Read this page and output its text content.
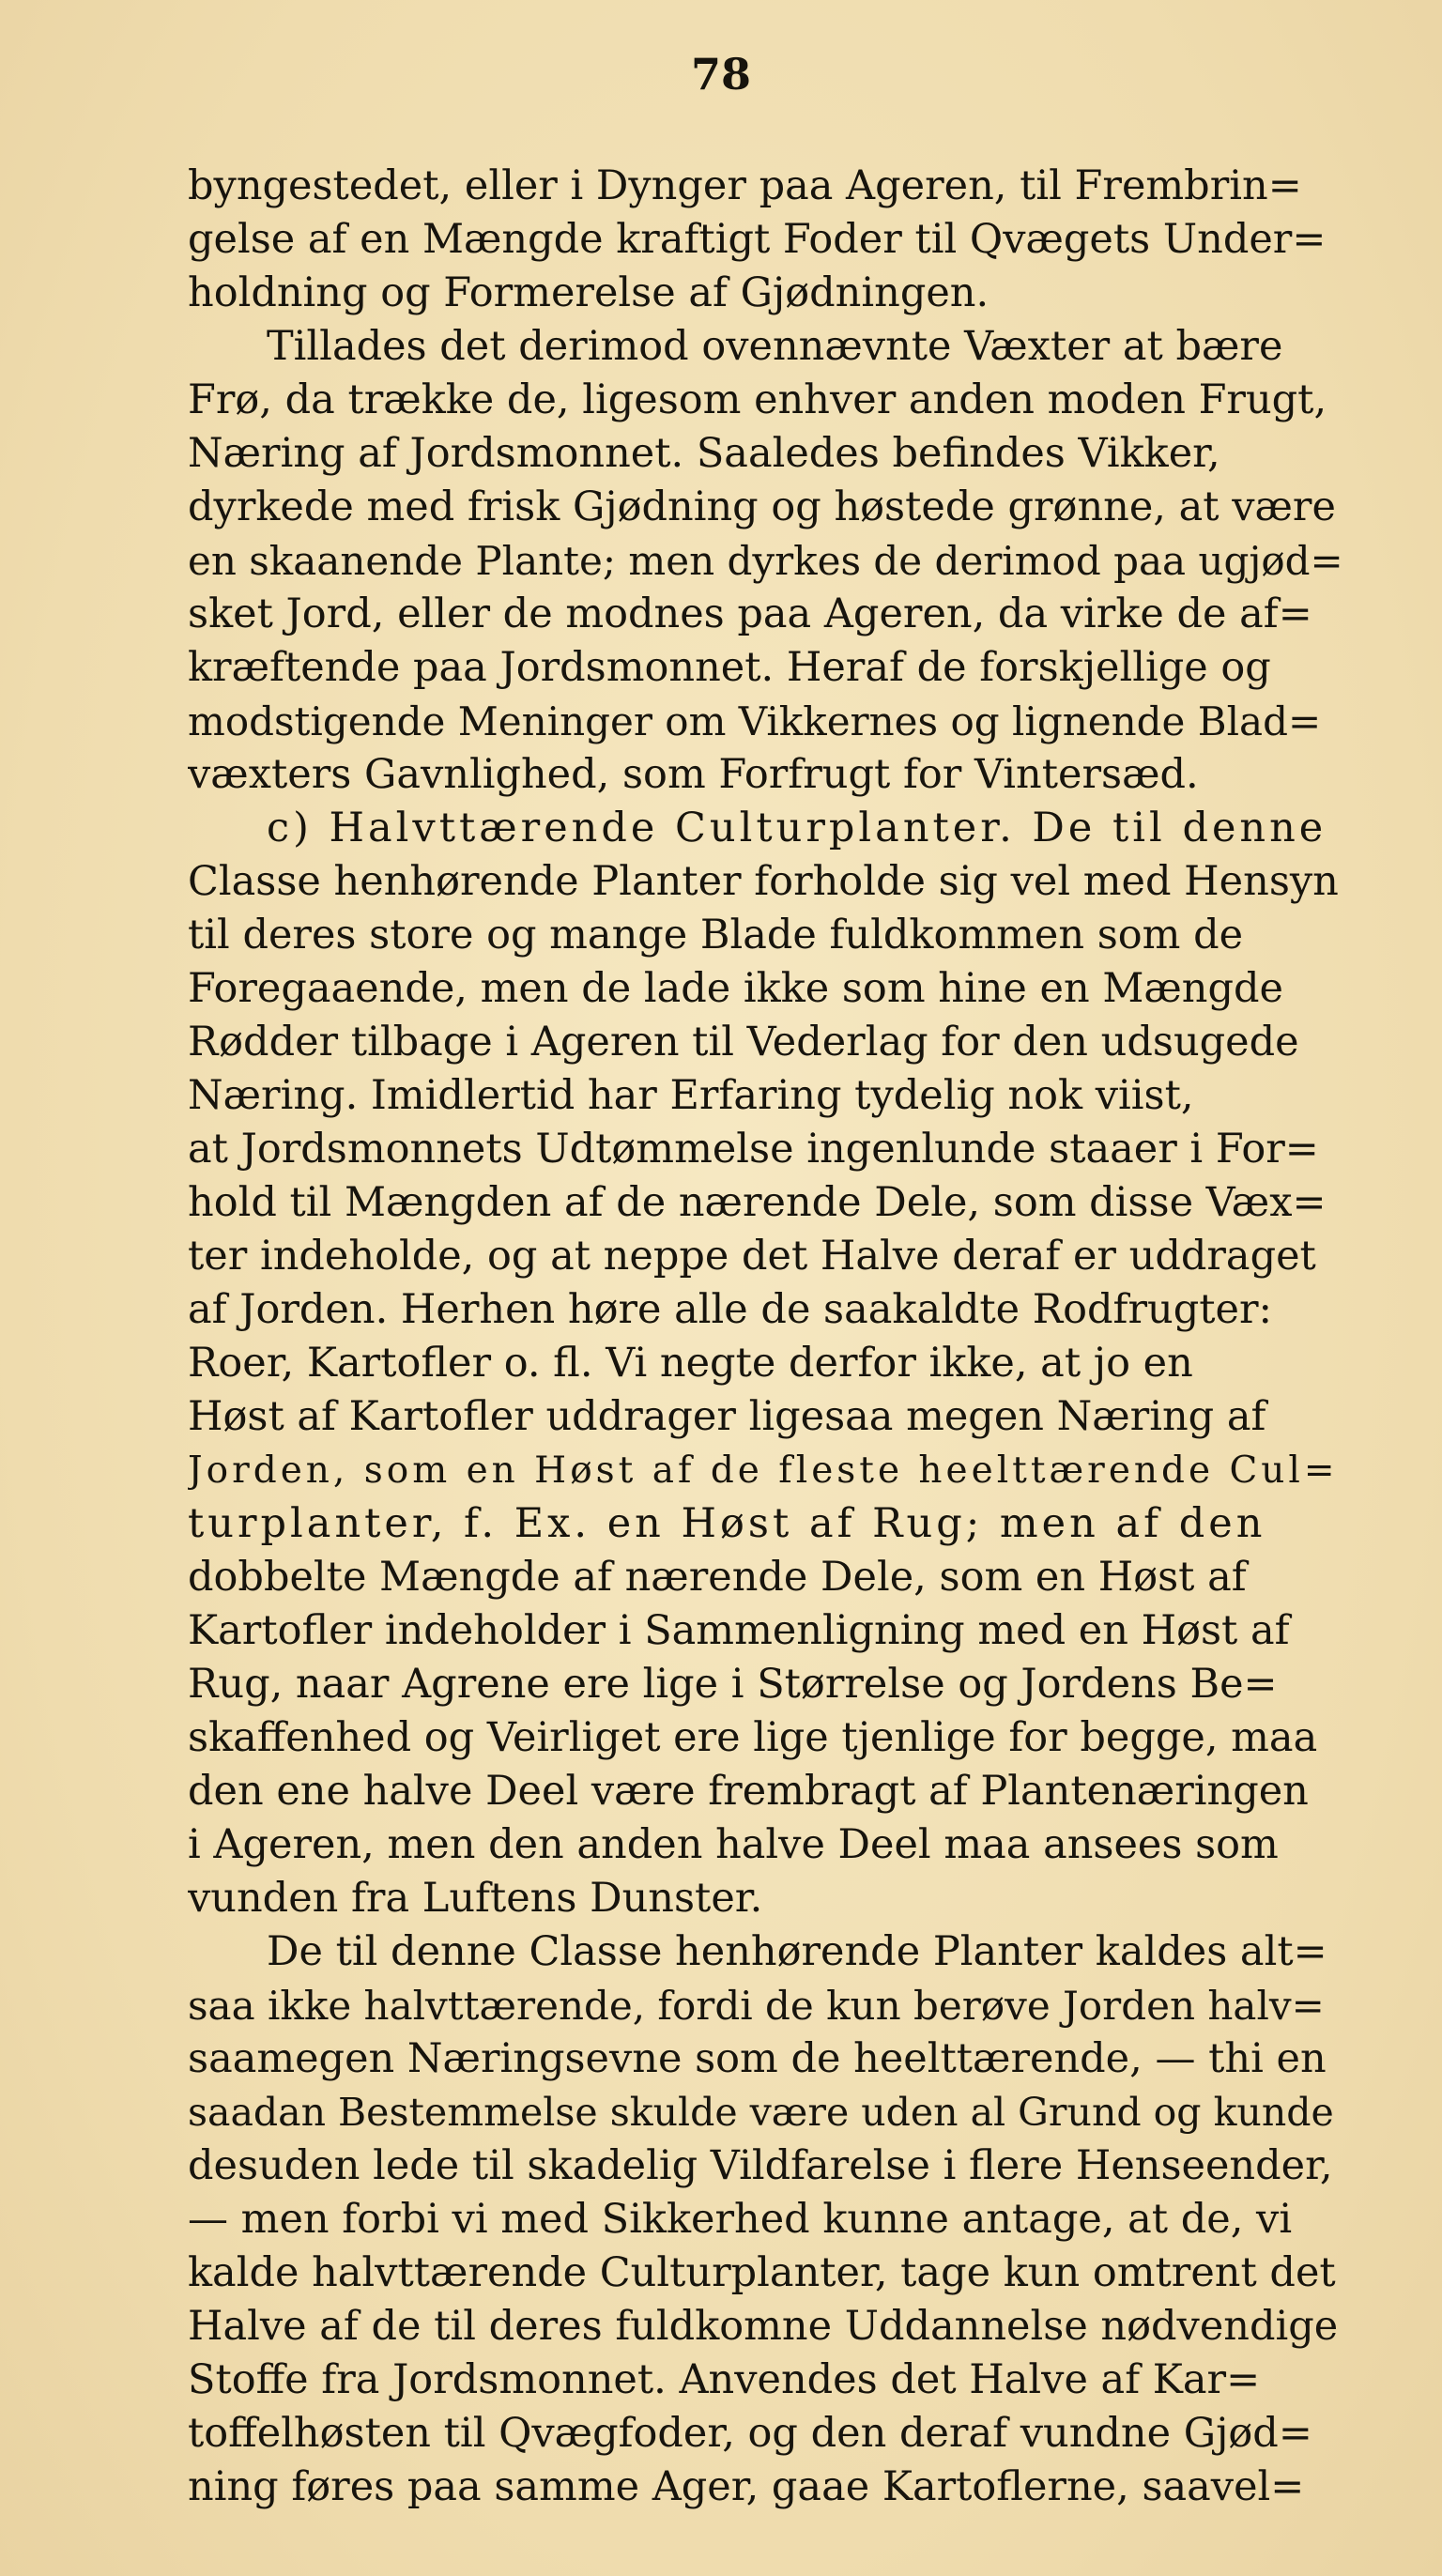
78
byngestedet, eller i Dynger paa Ageren, til Frembrin=
gelse af en Mængde kraftigt Foder til Qvægets Under=
holdning og Formerelse af Gjødningen.
Tillades det derimod ovennævnte Væxter at bære
Frø, da trække de, ligesom enhver anden moden Frugt,
Næring af Jordsmonnet. Saaledes befindes Vikker,
dyrkede med frisk Gjødning og høstede grønne, at være
en skaanende Plante; men dyrkes de derimod paa ugjød=
sket Jord, eller de modnes paa Ageren, da virke de af=
kræftende paa Jordsmonnet. Heraf de forskjellige og
modstigende Meninger om Vikkernes og lignende Blad=
væxters Gavnlighed, som Forfrugt for Vintersæd.
c) Halvttærende Culturplanter. De til denne
Classe henhørende Planter forholde sig vel med Hensyn
til deres store og mange Blade fuldkommen som de
Foregaaende, men de lade ikke som hine en Mængde
Rødder tilbage i Ageren til Vederlag for den udsugede
Næring. Imidlertid har Erfaring tydelig nok viist,
at Jordsmonnets Udtømmelse ingenlunde staaer i For=
hold til Mængden af de nærende Dele, som disse Væx=
ter indeholde, og at neppe det Halve deraf er uddraget
af Jorden. Herhen høre alle de saakaldte Rodfrugter:
Roer, Kartofler o. fl. Vi negte derfor ikke, at jo en
Høst af Kartofler uddrager ligesaa megen Næring af
Jorden, som en Høst af de fleste heelttærende Cul=
turplanter, f. Ex. en Høst af Rug; men af den
dobbelte Mængde af nærende Dele, som en Høst af
Kartofler indeholder i Sammenligning med en Høst af
Rug, naar Agrene ere lige i Størrelse og Jordens Be=
skaffenhed og Veirliget ere lige tjenlige for begge, maa
den ene halve Deel være frembragt af Plantenæringen
i Ageren, men den anden halve Deel maa ansees som
vunden fra Luftens Dunster.
De til denne Classe henhørende Planter kaldes alt=
saa ikke halvttærende, fordi de kun berøve Jorden halv=
saamegen Næringsevne som de heelttærende, — thi en
saadan Bestemmelse skulde være uden al Grund og kunde
desuden lede til skadelig Vildfarelse i flere Henseender,
— men forbi vi med Sikkerhed kunne antage, at de, vi
kalde halvttærende Culturplanter, tage kun omtrent det
Halve af de til deres fuldkomne Uddannelse nødvendige
Stoffe fra Jordsmonnet. Anvendes det Halve af Kar=
toffelhøsten til Qvægfoder, og den deraf vundne Gjød=
ning føres paa samme Ager, gaae Kartoflerne, saavel=
